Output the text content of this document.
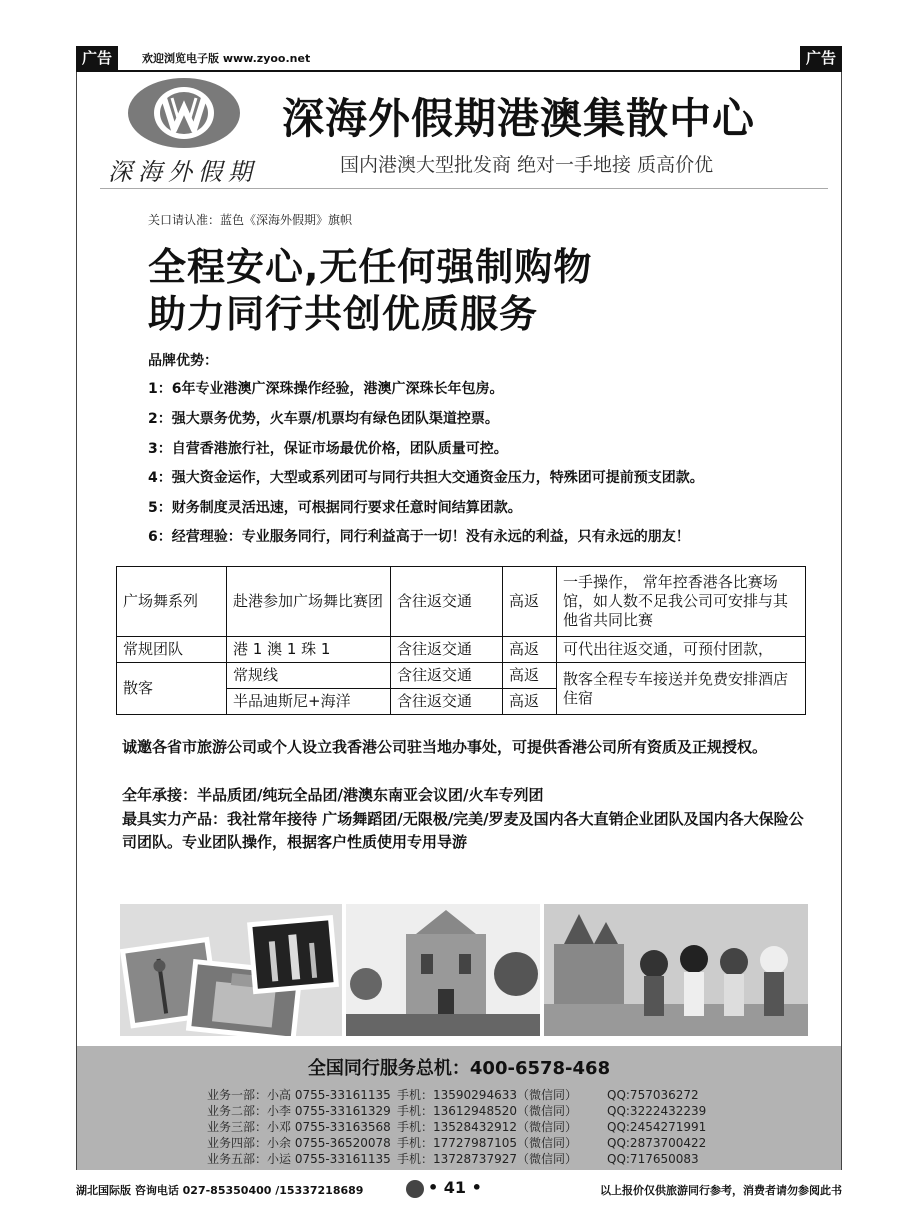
广告	欢迎浏览电子版 www.zyoo.net	广告
深海外假期
深海外假期港澳集散中心
国内港澳大型批发商 绝对一手地接 质高价优
关口请认准：蓝色《深海外假期》旗帜
全程安心,无任何强制购物
助力同行共创优质服务
品牌优势：
1：6年专业港澳广深珠操作经验，港澳广深珠长年包房。
2：强大票务优势，火车票/机票均有绿色团队渠道控票。
3：自营香港旅行社，保证市场最优价格，团队质量可控。
4：强大资金运作，大型或系列团可与同行共担大交通资金压力，特殊团可提前预支团款。
5：财务制度灵活迅速，可根据同行要求任意时间结算团款。
6：经营理验：专业服务同行，同行利益高于一切！没有永远的利益，只有永远的朋友！
广场舞系列	赴港参加广场舞比赛团	含往返交通	高返	一手操作， 常年控香港各比赛场馆，如人数不足我公司可安排与其他省共同比赛
常规团队	港 1 澳 1 珠 1	含往返交通	高返	可代出往返交通，可预付团款，
散客	常规线	含往返交通	高返	散客全程专车接送并免费安排酒店住宿
	半品迪斯尼+海洋	含往返交通	高返	
诚邀各省市旅游公司或个人设立我香港公司驻当地办事处，可提供香港公司所有资质及正规授权。
全年承接：半品质团/纯玩全品团/港澳东南亚会议团/火车专列团
最具实力产品：我社常年接待 广场舞蹈团/无限极/完美/罗麦及国内各大直销企业团队及国内各大保险公司团队。专业团队操作，根据客户性质使用专用导游
全国同行服务总机：400-6578-468
业务一部：小高 0755-33161135 手机：13590294633（微信同）	QQ:757036272
业务二部：小李 0755-33161329 手机：13612948520（微信同）	QQ:3222432239
业务三部：小邓 0755-33163568 手机：13528432912（微信同）	QQ:2454271991
业务四部：小余 0755-36520078 手机：17727987105（微信同）	QQ:2873700422
业务五部：小运 0755-33161135 手机：13728737927（微信同）	QQ:717650083
湖北国际版 咨询电话 027-85350400 /15337218689	• 41 •	以上报价仅供旅游同行参考，消费者请勿参阅此书
